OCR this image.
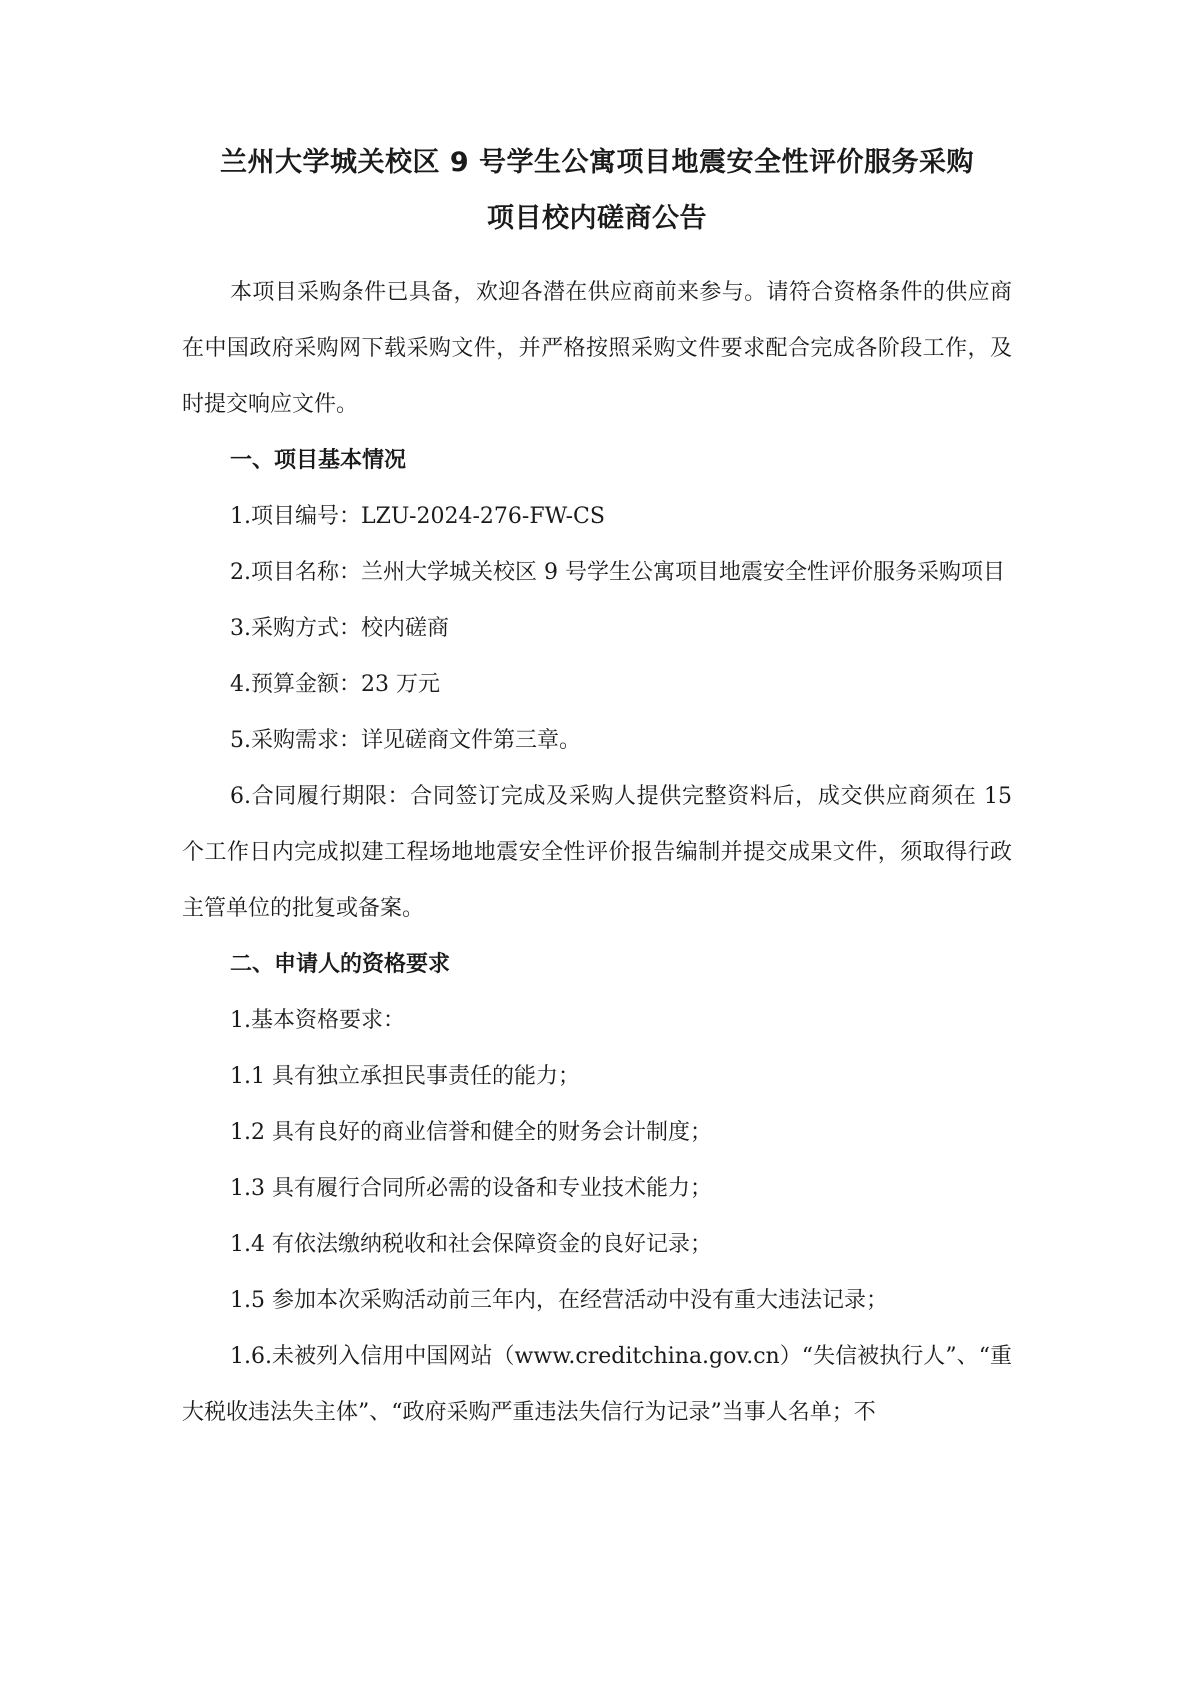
兰州大学城关校区 9 号学生公寓项目地震安全性评价服务采购
项目校内磋商公告

本项目采购条件已具备，欢迎各潜在供应商前来参与。请符合资格条件的供应商在中国政府采购网下载采购文件，并严格按照采购文件要求配合完成各阶段工作，及时提交响应文件。

一、项目基本情况

1.项目编号：LZU-2024-276-FW-CS

2.项目名称：兰州大学城关校区 9 号学生公寓项目地震安全性评价服务采购项目

3.采购方式：校内磋商

4.预算金额：23 万元

5.采购需求：详见磋商文件第三章。

6.合同履行期限：合同签订完成及采购人提供完整资料后，成交供应商须在 15 个工作日内完成拟建工程场地地震安全性评价报告编制并提交成果文件，须取得行政主管单位的批复或备案。

二、申请人的资格要求

1.基本资格要求：

1.1 具有独立承担民事责任的能力；

1.2 具有良好的商业信誉和健全的财务会计制度；

1.3 具有履行合同所必需的设备和专业技术能力；

1.4 有依法缴纳税收和社会保障资金的良好记录；

1.5 参加本次采购活动前三年内，在经营活动中没有重大违法记录；

1.6.未被列入信用中国网站（www.creditchina.gov.cn）“失信被执行人”、“重大税收违法失主体”、“政府采购严重违法失信行为记录”当事人名单；不
